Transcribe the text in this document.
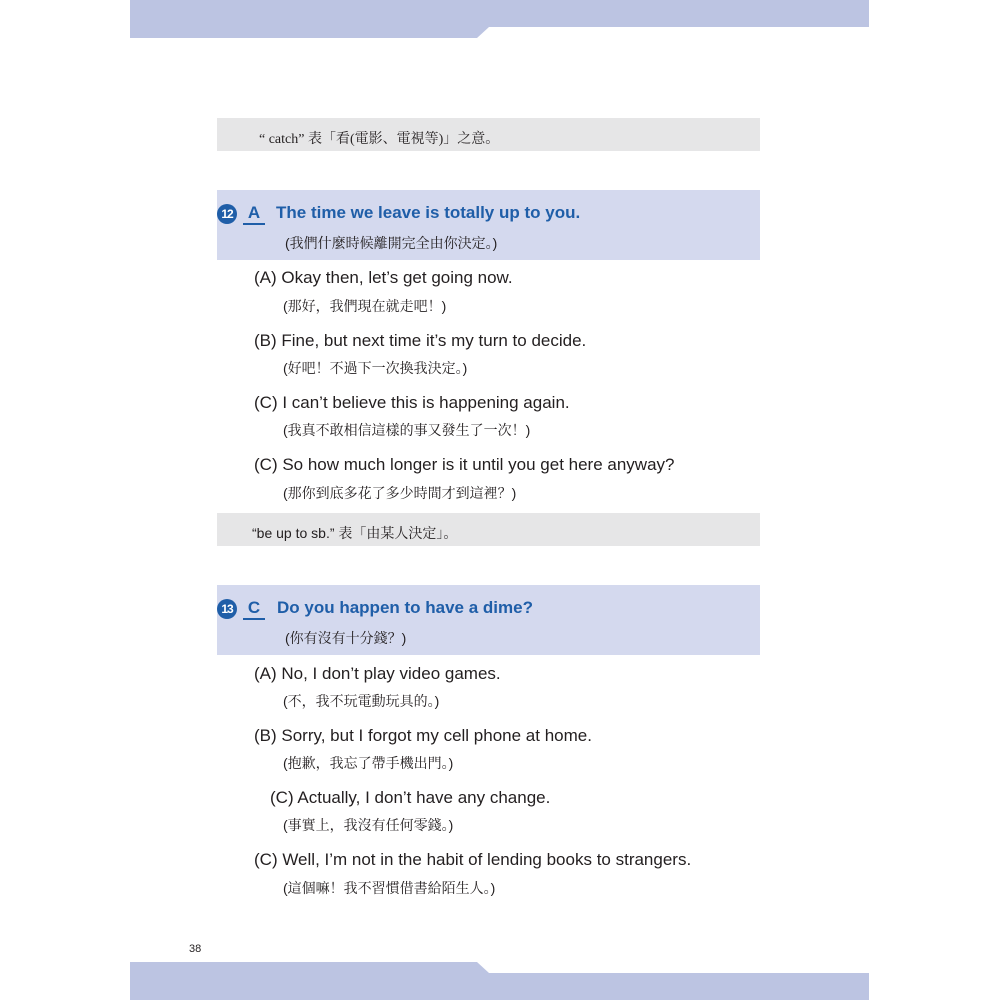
“ catch” 表「看(電影、電視等)」之意。
12 A The time we leave is totally up to you.
(我們什麼時候離開完全由你決定。)
(A) Okay then, let’s get going now.
(那好，我們現在就走吧！)
(B) Fine, but next time it’s my turn to decide.
(好吧！不過下一次換我決定。)
(C) I can’t believe this is happening again.
(我真不敢相信這樣的事又發生了一次！)
(C) So how much longer is it until you get here anyway?
(那你到底多花了多少時間才到這裡？)
“be up to sb.” 表「由某人決定」。
13 C Do you happen to have a dime?
(你有沒有十分錢？)
(A) No, I don’t play video games.
(不，我不玩電動玩具的。)
(B) Sorry, but I forgot my cell phone at home.
(抱歉，我忘了帶手機出門。)
(C) Actually, I don’t have any change.
(事實上，我沒有任何零錢。)
(C) Well, I’m not in the habit of lending books to strangers.
(這個嘛！我不習慣借書給陌生人。)
38
